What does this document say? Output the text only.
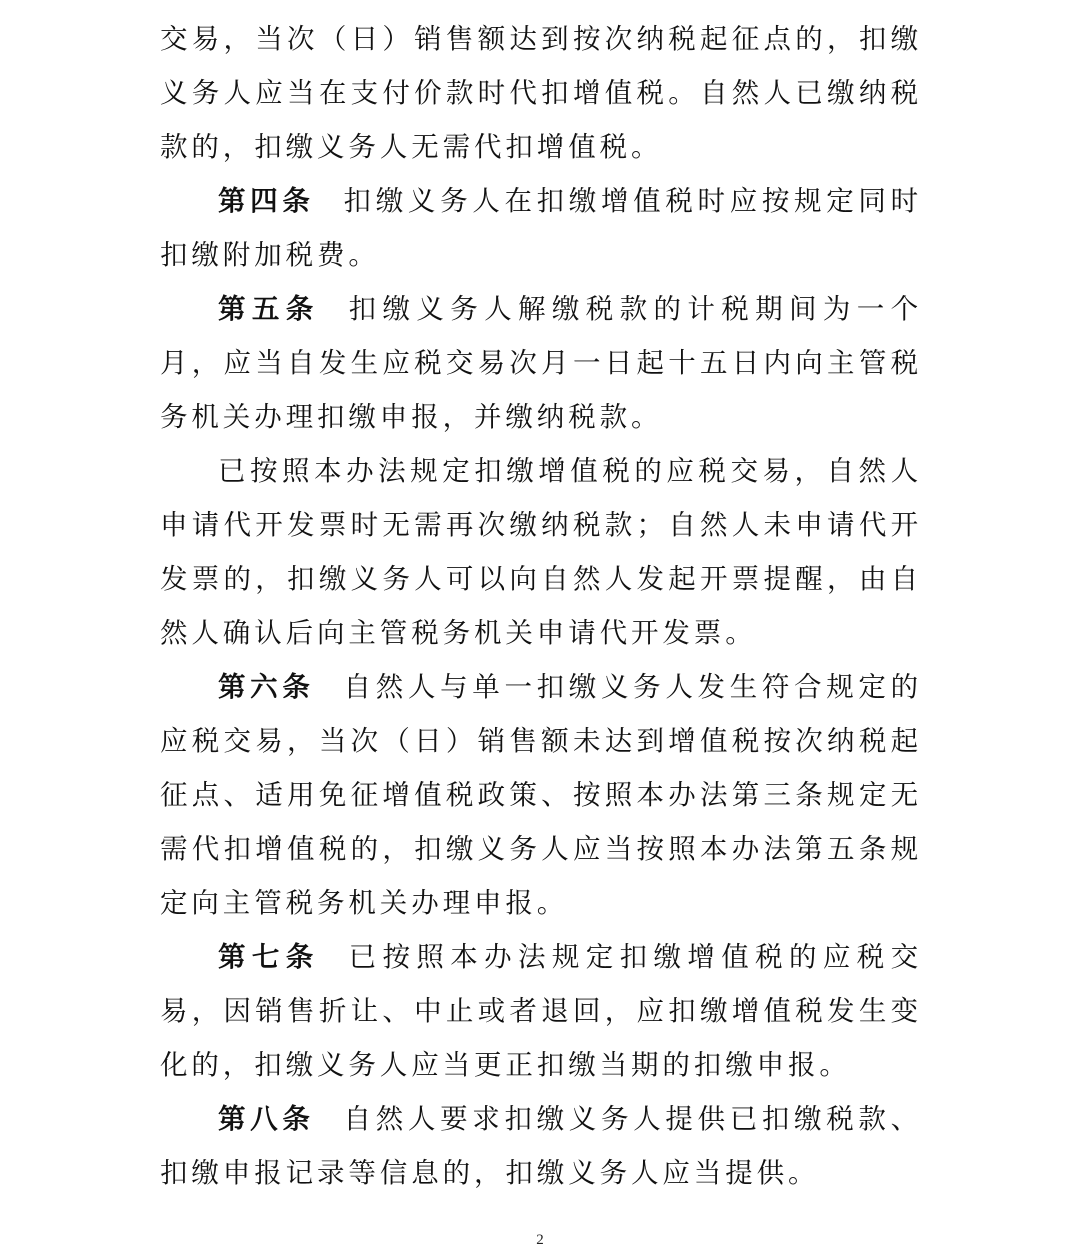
交易，当次（日）销售额达到按次纳税起征点的，扣缴义务人应当在支付价款时代扣增值税。自然人已缴纳税款的，扣缴义务人无需代扣增值税。

第四条 扣缴义务人在扣缴增值税时应按规定同时扣缴附加税费。

第五条 扣缴义务人解缴税款的计税期间为一个月，应当自发生应税交易次月一日起十五日内向主管税务机关办理扣缴申报，并缴纳税款。

已按照本办法规定扣缴增值税的应税交易，自然人申请代开发票时无需再次缴纳税款；自然人未申请代开发票的，扣缴义务人可以向自然人发起开票提醒，由自然人确认后向主管税务机关申请代开发票。

第六条 自然人与单一扣缴义务人发生符合规定的应税交易，当次（日）销售额未达到增值税按次纳税起征点、适用免征增值税政策、按照本办法第三条规定无需代扣增值税的，扣缴义务人应当按照本办法第五条规定向主管税务机关办理申报。

第七条 已按照本办法规定扣缴增值税的应税交易，因销售折让、中止或者退回，应扣缴增值税发生变化的，扣缴义务人应当更正扣缴当期的扣缴申报。

第八条 自然人要求扣缴义务人提供已扣缴税款、扣缴申报记录等信息的，扣缴义务人应当提供。

2
